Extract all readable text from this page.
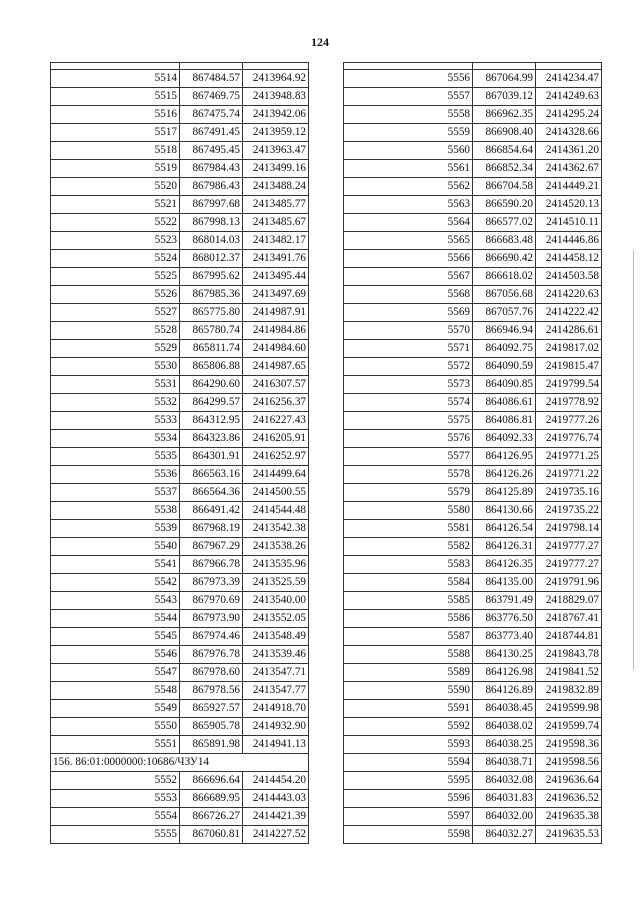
124

5514	867484.57	2413964.92
5515	867469.75	2413948.83
5516	867475.74	2413942.06
5517	867491.45	2413959.12
5518	867495.45	2413963.47
5519	867984.43	2413499.16
5520	867986.43	2413488.24
5521	867997.68	2413485.77
5522	867998.13	2413485.67
5523	868014.03	2413482.17
5524	868012.37	2413491.76
5525	867995.62	2413495.44
5526	867985.36	2413497.69
5527	865775.80	2414987.91
5528	865780.74	2414984.86
5529	865811.74	2414984.60
5530	865806.88	2414987.65
5531	864290.60	2416307.57
5532	864299.57	2416256.37
5533	864312.95	2416227.43
5534	864323.86	2416205.91
5535	864301.91	2416252.97
5536	866563.16	2414499.64
5537	866564.36	2414500.55
5538	866491.42	2414544.48
5539	867968.19	2413542.38
5540	867967.29	2413538.26
5541	867966.78	2413535.96
5542	867973.39	2413525.59
5543	867970.69	2413540.00
5544	867973.90	2413552.05
5545	867974.46	2413548.49
5546	867976.78	2413539.46
5547	867978.60	2413547.71
5548	867978.56	2413547.77
5549	865927.57	2414918.70
5550	865905.78	2414932.90
5551	865891.98	2414941.13
156. 86:01:0000000:10686/ЧЗУ14		
5552	866696.64	2414454.20
5553	866689.95	2414443.03
5554	866726.27	2414421.39
5555	867060.81	2414227.52

5556	867064.99	2414234.47
5557	867039.12	2414249.63
5558	866962.35	2414295.24
5559	866908.40	2414328.66
5560	866854.64	2414361.20
5561	866852.34	2414362.67
5562	866704.58	2414449.21
5563	866590.20	2414520.13
5564	866577.02	2414510.11
5565	866683.48	2414446.86
5566	866690.42	2414458.12
5567	866618.02	2414503.58
5568	867056.68	2414220.63
5569	867057.76	2414222.42
5570	866946.94	2414286.61
5571	864092.75	2419817.02
5572	864090.59	2419815.47
5573	864090.85	2419799.54
5574	864086.61	2419778.92
5575	864086.81	2419777.26
5576	864092.33	2419776.74
5577	864126.95	2419771.25
5578	864126.26	2419771.22
5579	864125.89	2419735.16
5580	864130.66	2419735.22
5581	864126.54	2419798.14
5582	864126.31	2419777.27
5583	864126.35	2419777.27
5584	864135.00	2419791.96
5585	863791.49	2418829.07
5586	863776.50	2418767.41
5587	863773.40	2418744.81
5588	864130.25	2419843.78
5589	864126.98	2419841.52
5590	864126.89	2419832.89
5591	864038.45	2419599.98
5592	864038.02	2419599.74
5593	864038.25	2419598.36
5594	864038.71	2419598.56
5595	864032.08	2419636.64
5596	864031.83	2419636.52
5597	864032.00	2419635.38
5598	864032.27	2419635.53
